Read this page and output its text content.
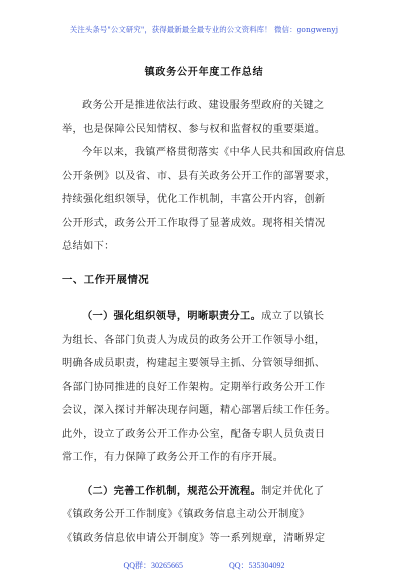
关注头条号"公文研究"，获得最新最全最专业的公文资料库！ 微信：gongwenyj
镇政务公开年度工作总结
政务公开是推进依法行政、建设服务型政府的关键之
举，也是保障公民知情权、参与权和监督权的重要渠道。
今年以来，我镇严格贯彻落实《中华人民共和国政府信息
公开条例》以及省、市、县有关政务公开工作的部署要求，
持续强化组织领导，优化工作机制，丰富公开内容，创新
公开形式，政务公开工作取得了显著成效。现将相关情况
总结如下：
一、工作开展情况
（一）强化组织领导，明晰职责分工。成立了以镇长
为组长、各部门负责人为成员的政务公开工作领导小组，
明确各成员职责，构建起主要领导主抓、分管领导细抓、
各部门协同推进的良好工作架构。定期举行政务公开工作
会议，深入探讨并解决现存问题，精心部署后续工作任务。
此外，设立了政务公开工作办公室，配备专职人员负责日
常工作，有力保障了政务公开工作的有序开展。
（二）完善工作机制，规范公开流程。制定并优化了
《镇政务公开工作制度》《镇政务信息主动公开制度》
《镇政务信息依申请公开制度》等一系列规章，清晰界定
QQ群：30265665	QQ：535304092
